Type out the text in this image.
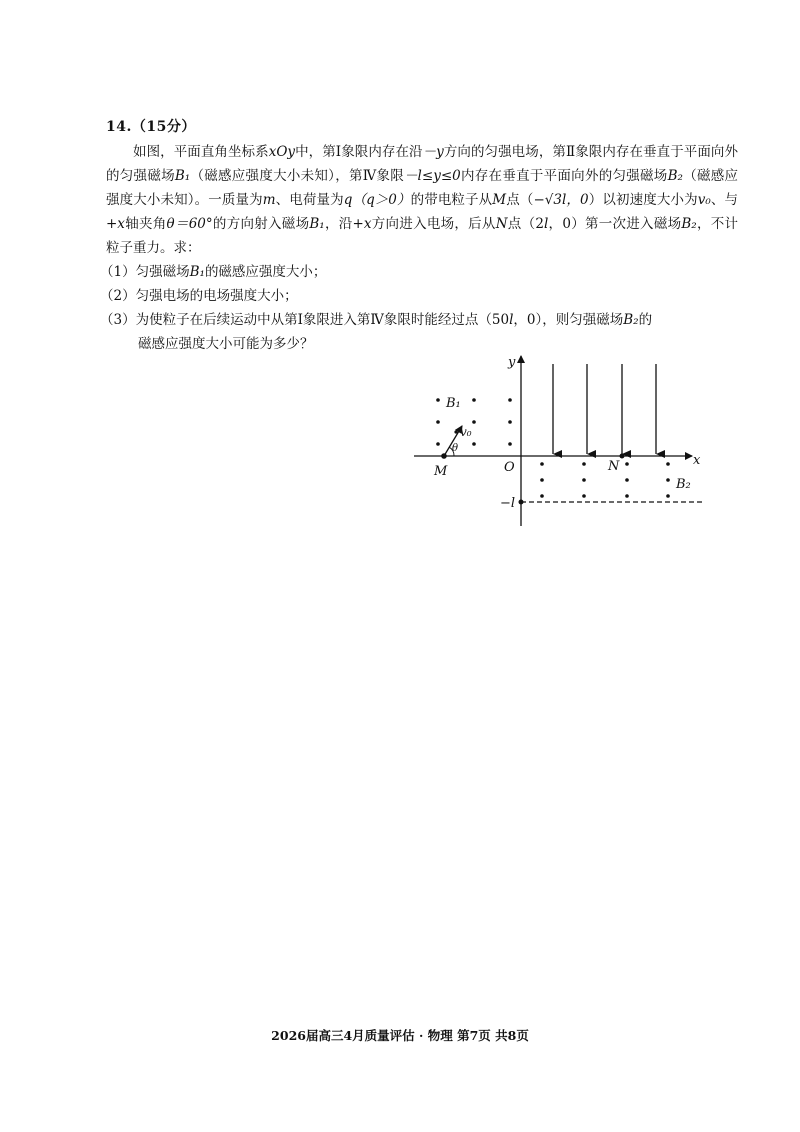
14.（15分）

如图，平面直角坐标系xOy中，第Ⅰ象限内存在沿－y方向的匀强电场，第Ⅱ象限内存在垂直于平面向外的匀强磁场B₁（磁感应强度大小未知），第Ⅳ象限－l≤y≤0内存在垂直于平面向外的匀强磁场B₂（磁感应强度大小未知）。一质量为m、电荷量为q（q＞0）的带电粒子从M点（−√3l，0）以初速度大小为v₀、与+x轴夹角θ＝60°的方向射入磁场B₁，沿+x方向进入电场，后从N点（2l，0）第一次进入磁场B₂，不计粒子重力。求：

（1）匀强磁场B₁的磁感应强度大小；

（2）匀强电场的电场强度大小；

（3）为使粒子在后续运动中从第Ⅰ象限进入第Ⅳ象限时能经过点（50l，0），则匀强磁场B₂的

磁感应强度大小可能为多少？

y
x
O
B₁
v₀
θ
M	N
B₂
−l
2026届高三4月质量评估 · 物理 第7页 共8页
